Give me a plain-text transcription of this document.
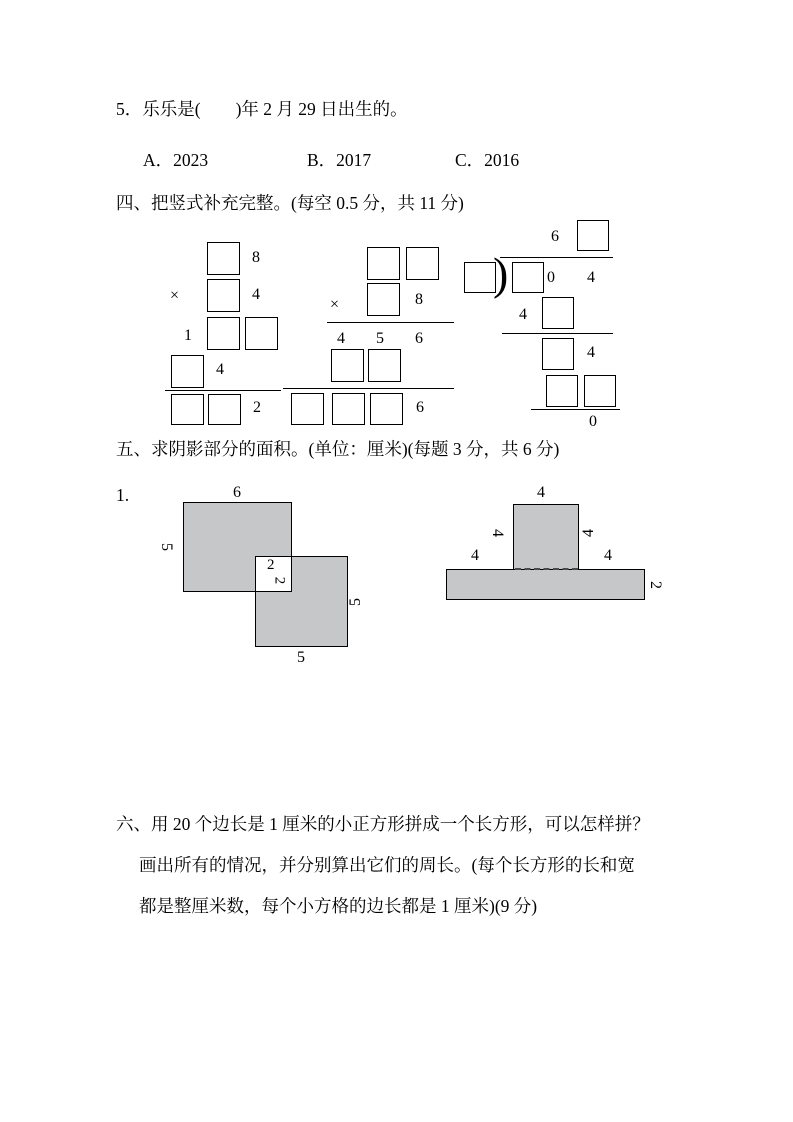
5．乐乐是(　　)年 2 月 29 日出生的。
A．2023	B．2017	C．2016
四、把竖式补充完整。(每空 0.5 分，共 11 分)
五、求阴影部分的面积。(单位：厘米)(每题 3 分，共 6 分)
1.
六、用 20 个边长是 1 厘米的小正方形拼成一个长方形，可以怎样拼？
画出所有的情况，并分别算出它们的周长。(每个长方形的长和宽
都是整厘米数，每个小方格的边长都是 1 厘米)(9 分)
8
×	4
1
4
2
×	8
4 5 6
6
6
) 0 4
4
4
0
6
5
2
2
5
5
4
4	4
4	4
2
